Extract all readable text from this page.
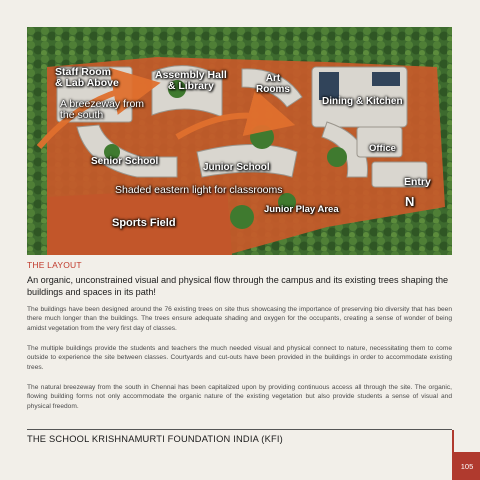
Staff Room
& Lab Above
Assembly Hall
& Library
Art
Rooms
Dining & Kitchen
A breezeway from
the south
Office
Senior School
Junior School
Entry
Shaded eastern light for classrooms
N
Junior Play Area
Sports Field
THE LAYOUT
An organic, unconstrained visual and physical flow through the campus and its existing trees shaping the buildings and spaces in its path!
The buildings have been designed around the 76 existing trees on site thus showcasing the importance of preserving bio diversity that has been there much longer than the buildings. The trees ensure adequate shading and oxygen for the occupants, creating a sense of wonder of being amidst vegetation from the very first day of classes.
The multiple buildings provide the students and teachers the much needed visual and physical connect to nature, necessitating them to come outside to experience the site between classes. Courtyards and cut-outs have been provided in the buildings in order to accommodate existing trees.
The natural breezeway from the south in Chennai has been capitalized upon by providing continuous access all through the site. The organic, flowing building forms not only accommodate the organic nature of the existing vegetation but also provide students a sense of visual and physical freedom.
THE SCHOOL KRISHNAMURTI FOUNDATION INDIA (KFI)
105
